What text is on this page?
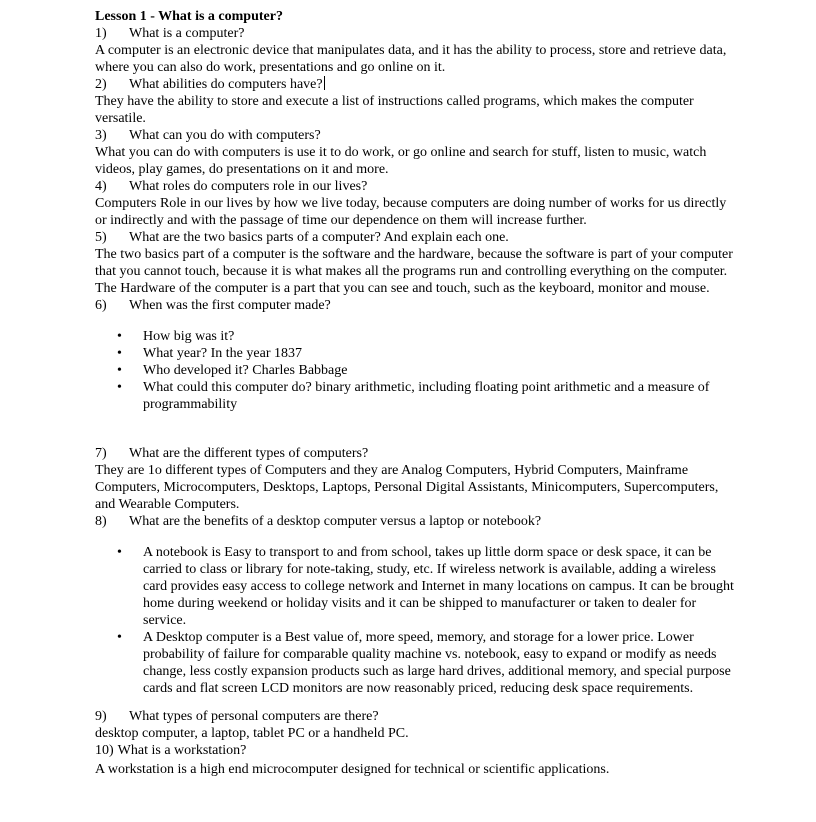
Lesson 1 - What is a computer?
1) What is a computer?
A computer is an electronic device that manipulates data, and it has the ability to process, store and retrieve data, where you can also do work, presentations and go online on it.
2) What abilities do computers have?
They have the ability to store and execute a list of instructions called programs, which makes the computer versatile.
3) What can you do with computers?
What you can do with computers is use it to do work, or go online and search for stuff, listen to music, watch videos, play games, do presentations on it and more.
4) What roles do computers role in our lives?
Computers Role in our lives by how we live today, because computers are doing number of works for us directly or indirectly and with the passage of time our dependence on them will increase further.
5) What are the two basics parts of a computer? And explain each one.
The two basics part of a computer is the software and the hardware, because the software is part of your computer that you cannot touch, because it is what makes all the programs run and controlling everything on the computer. The Hardware of the computer is a part that you can see and touch, such as the keyboard, monitor and mouse.
6) When was the first computer made?
• How big was it?
• What year? In the year 1837
• Who developed it? Charles Babbage
• What could this computer do? binary arithmetic, including floating point arithmetic and a measure of programmability
7) What are the different types of computers?
They are 1o different types of Computers and they are Analog Computers, Hybrid Computers, Mainframe Computers, Microcomputers, Desktops, Laptops, Personal Digital Assistants, Minicomputers, Supercomputers, and Wearable Computers.
8) What are the benefits of a desktop computer versus a laptop or notebook?
• A notebook is Easy to transport to and from school, takes up little dorm space or desk space, it can be carried to class or library for note-taking, study, etc. If wireless network is available, adding a wireless card provides easy access to college network and Internet in many locations on campus. It can be brought home during weekend or holiday visits and it can be shipped to manufacturer or taken to dealer for service.
• A Desktop computer is a Best value of, more speed, memory, and storage for a lower price. Lower probability of failure for comparable quality machine vs. notebook, easy to expand or modify as needs change, less costly expansion products such as large hard drives, additional memory, and special purpose cards and flat screen LCD monitors are now reasonably priced, reducing desk space requirements.
9) What types of personal computers are there?
desktop computer, a laptop, tablet PC or a handheld PC.
10) What is a workstation?
A workstation is a high end microcomputer designed for technical or scientific applications.
